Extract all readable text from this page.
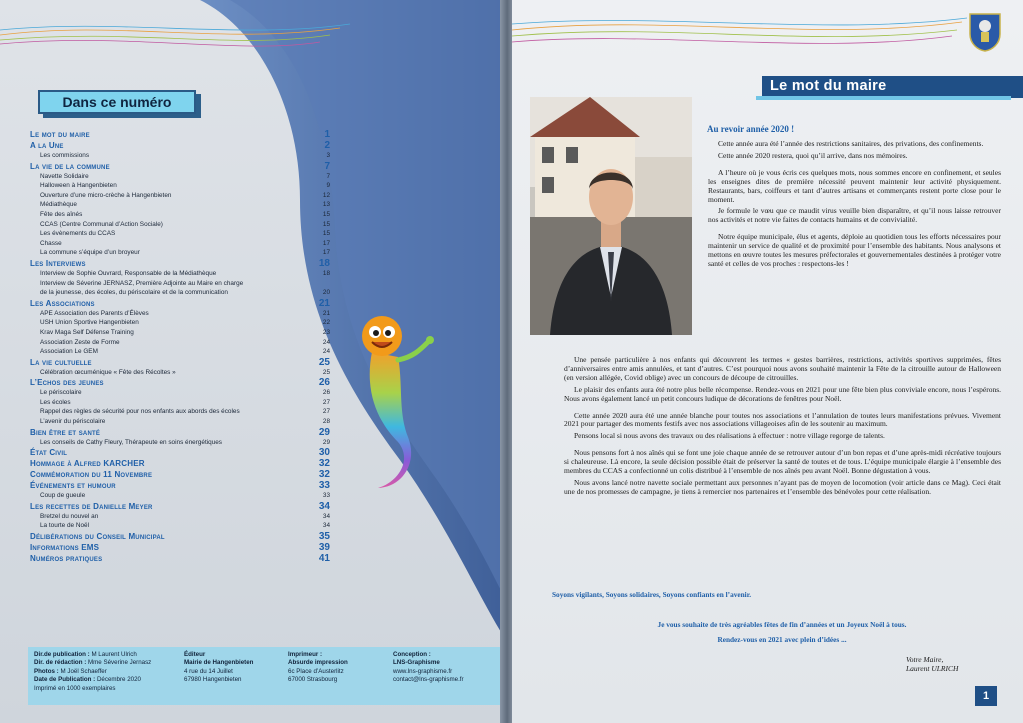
Dans ce numéro
Le mot du maire	1
A la Une	2
Les commissions	3
La vie de la commune	7
Navette Solidaire	7
Halloween à Hangenbieten	9
Ouverture d’une micro-crèche à Hangenbieten	12
Médiathèque	13
Fête des aînés	15
CCAS (Centre Communal d’Action Sociale)	15
Les évènements du CCAS	15
Chasse	17
La commune s’équipe d’un broyeur	17
Les Interviews	18
Interview de Sophie Ouvrard, Responsable de la Médiathèque	18
Interview de Séverine JERNASZ, Première Adjointe au Maire en charge
de la jeunesse, des écoles, du périscolaire et de la communication	20
Les Associations	21
APE Association des Parents d’Élèves	21
USH Union Sportive Hangenbieten	22
Krav Maga Self Défense Training	23
Association Zeste de Forme	24
Association Le GEM	24
La vie cultuelle	25
Célébration œcuménique « Fête des Récoltes »	25
L’Echos des jeunes	26
Le périscolaire	26
Les écoles	27
Rappel des règles de sécurité pour nos enfants aux abords des écoles	27
L’avenir du périscolaire	28
Bien être et santé	29
Les conseils de Cathy Fleury, Thérapeute en soins énergétiques	29
État Civil	30
Hommage à Alfred KARCHER	32
Commémoration du 11 Novembre	32
Événements et humour	33
Coup de gueule	33
Les recettes de Danielle Meyer	34
Bretzel du nouvel an	34
La tourte de Noël	34
Délibérations du Conseil Municipal	35
Informations EMS	39
Numéros pratiques	41
Dir.de publication : M Laurent Ulrich
Dir. de rédaction : Mme Séverine Jernasz
Photos : M Joël Schaeffer
Date de Publication : Décembre 2020
Imprimé en 1000 exemplaires
Éditeur
Mairie de Hangenbieten
4 rue du 14 Juillet
67980 Hangenbieten
Imprimeur :
Absurde impression
6c Place d’Austerlitz
67000 Strasbourg
Conception :
LNS-Graphisme
www.lns-graphisme.fr
contact@lns-graphisme.fr
Le mot du maire
Au revoir année 2020 !

Cette année aura été l’année des restrictions sanitaires, des privations, des confinements.

Cette année 2020 restera, quoi qu’il arrive, dans nos mémoires.

A l’heure où je vous écris ces quelques mots, nous sommes encore en confinement, et seules les enseignes dites de première nécessité peuvent maintenir leur activité physiquement. Restaurants, bars, coiffeurs et tant d’autres artisans et commerçants restent porte close pour le moment.

Je formule le vœu que ce maudit virus veuille bien disparaître, et qu’il nous laisse retrouver nos activités et notre vie faites de contacts humains et de convivialité.

Notre équipe municipale, élus et agents, déploie au quotidien tous les efforts nécessaires pour maintenir un service de qualité et de proximité pour l’ensemble des habitants. Nous analysons et mettons en œuvre toutes les mesures préfectorales et gouvernementales destinées à protéger votre santé et celles de vos proches : respectons-les !

Une pensée particulière à nos enfants qui découvrent les termes « gestes barrières, restrictions, activités sportives supprimées, fêtes d’anniversaires entre amis annulées, et tant d’autres. C’est pourquoi nous avons souhaité maintenir la Fête de la citrouille autour de Halloween (en version allégée, Covid oblige) avec un concours de découpe de citrouilles.

Le plaisir des enfants aura été notre plus belle récompense. Rendez-vous en 2021 pour une fête bien plus conviviale encore, nous l’espérons. Nous avons également lancé un petit concours ludique de décorations de fenêtres pour Noël.

Cette année 2020 aura été une année blanche pour toutes nos associations et l’annulation de toutes leurs manifestations prévues. Vivement 2021 pour partager des moments festifs avec nos associations villageoises afin de les soutenir au maximum.

Pensons local si nous avons des travaux ou des réalisations à effectuer : notre village regorge de talents.

Nous pensons fort à nos aînés qui se font une joie chaque année de se retrouver autour d’un bon repas et d’une après-midi récréative toujours si chaleureuse. Là encore, la seule décision possible était de préserver la santé de toutes et de tous. L’équipe municipale élargie à l’ensemble des membres du CCAS a confectionné un colis distribué à l’ensemble de nos aînés peu avant Noël. Bonne dégustation à vous.

Nous avons lancé notre navette sociale permettant aux personnes n’ayant pas de moyen de locomotion (voir article dans ce Mag). Ceci était une de nos promesses de campagne, je tiens à remercier nos partenaires et l’ensemble des bénévoles pour cette réalisation.

Soyons vigilants, Soyons solidaires, Soyons confiants en l’avenir.
Je vous souhaite de très agréables fêtes de fin d’années et un Joyeux Noël à tous.
Rendez-vous en 2021 avec plein d’idées ...
Votre Maire,
Laurent ULRICH
1
